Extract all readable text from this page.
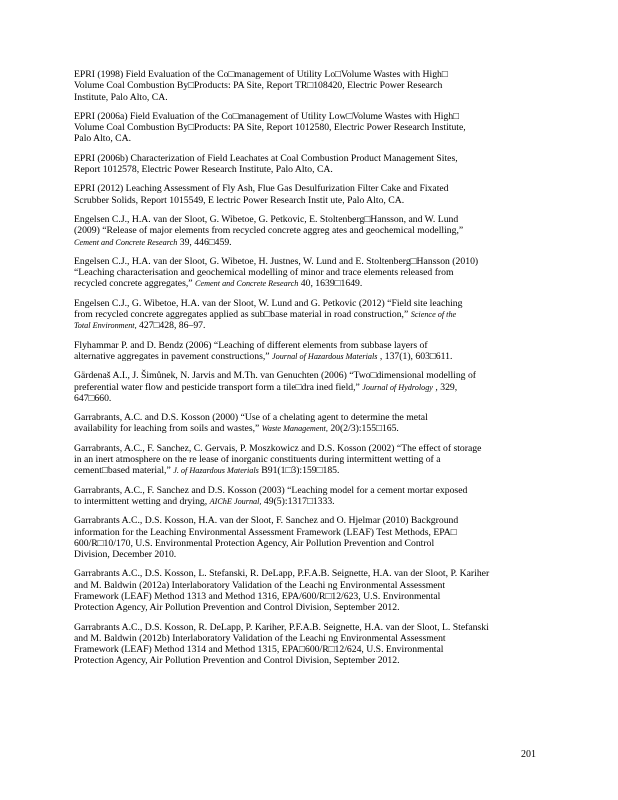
EPRI (1998) Field Evaluation of the Co□management of Utility Lo□Volume Wastes with High□
Volume Coal Combustion By□Products: PA Site, Report TR□108420, Electric Power Research
Institute, Palo Alto, CA.
EPRI (2006a) Field Evaluation of the Co□management of Utility Low□Volume Wastes with High□
Volume Coal Combustion By□Products: PA Site, Report 1012580, Electric Power Research Institute,
Palo Alto, CA.
EPRI (2006b) Characterization of Field Leachates at Coal Combustion Product Management Sites,
Report 1012578, Electric Power Research Institute, Palo Alto, CA.
EPRI (2012) Leaching Assessment of Fly Ash, Flue Gas Desulfurization Filter Cake and Fixated
Scrubber Solids, Report 1015549, E lectric Power Research Instit ute, Palo Alto, CA.
Engelsen C.J., H.A. van der Sloot, G. Wibetoe, G. Petkovic, E. Stoltenberg□Hansson, and W. Lund
(2009) “Release of major elements from recycled concrete aggreg ates and geochemical modelling,”
Cement and Concrete Research 39, 446□459.
Engelsen C.J., H.A. van der Sloot, G. Wibetoe, H. Justnes, W. Lund and E. Stoltenberg□Hansson (2010)
“Leaching characterisation and geochemical modelling of minor and trace elements released from
recycled concrete aggregates,” Cement and Concrete Research 40, 1639□1649.
Engelsen C.J., G. Wibetoe, H.A. van der Sloot, W. Lund and G. Petkovic (2012) “Field site leaching
from recycled concrete aggregates applied as sub□base material in road construction,” Science of the
Total Environment, 427□428, 86–97.
Flyhammar P. and D. Bendz (2006) “Leaching of different elements from subbase layers of
alternative aggregates in pavement constructions,” Journal of Hazardous Materials , 137(1), 603□611.
Gärdenaš A.I., J. Šimůnek, N. Jarvis and M.Th. van Genuchten (2006) “Two□dimensional modelling of
preferential water flow and pesticide transport form a tile□dra ined field,” Journal of Hydrology , 329,
647□660.
Garrabrants, A.C. and D.S. Kosson (2000) “Use of a chelating agent to determine the metal
availability for leaching from soils and wastes,” Waste Management, 20(2/3):155□165.
Garrabrants, A.C., F. Sanchez, C. Gervais, P. Moszkowicz and D.S. Kosson (2002) “The effect of storage
in an inert atmosphere on the re lease of inorganic constituents during intermittent wetting of a
cement□based material,” J. of Hazardous Materials B91(1□3):159□185.
Garrabrants, A.C., F. Sanchez and D.S. Kosson (2003) “Leaching model for a cement mortar exposed
to intermittent wetting and drying, AIChE Journal, 49(5):1317□1333.
Garrabrants A.C., D.S. Kosson, H.A. van der Sloot, F. Sanchez and O. Hjelmar (2010) Background
information for the Leaching Environmental Assessment Framework (LEAF) Test Methods, EPA□
600/R□10/170, U.S. Environmental Protection Agency, Air Pollution Prevention and Control
Division, December 2010.
Garrabrants A.C., D.S. Kosson, L. Stefanski, R. DeLapp, P.F.A.B. Seignette, H.A. van der Sloot, P. Kariher
and M. Baldwin (2012a) Interlaboratory Validation of the Leachi ng Environmental Assessment
Framework (LEAF) Method 1313 and Method 1316, EPA/600/R□12/623, U.S. Environmental
Protection Agency, Air Pollution Prevention and Control Division, September 2012.
Garrabrants A.C., D.S. Kosson, R. DeLapp, P. Kariher, P.F.A.B. Seignette, H.A. van der Sloot, L. Stefanski
and M. Baldwin (2012b) Interlaboratory Validation of the Leachi ng Environmental Assessment
Framework (LEAF) Method 1314 and Method 1315, EPA□600/R□12/624, U.S. Environmental
Protection Agency, Air Pollution Prevention and Control Division, September 2012.
201
